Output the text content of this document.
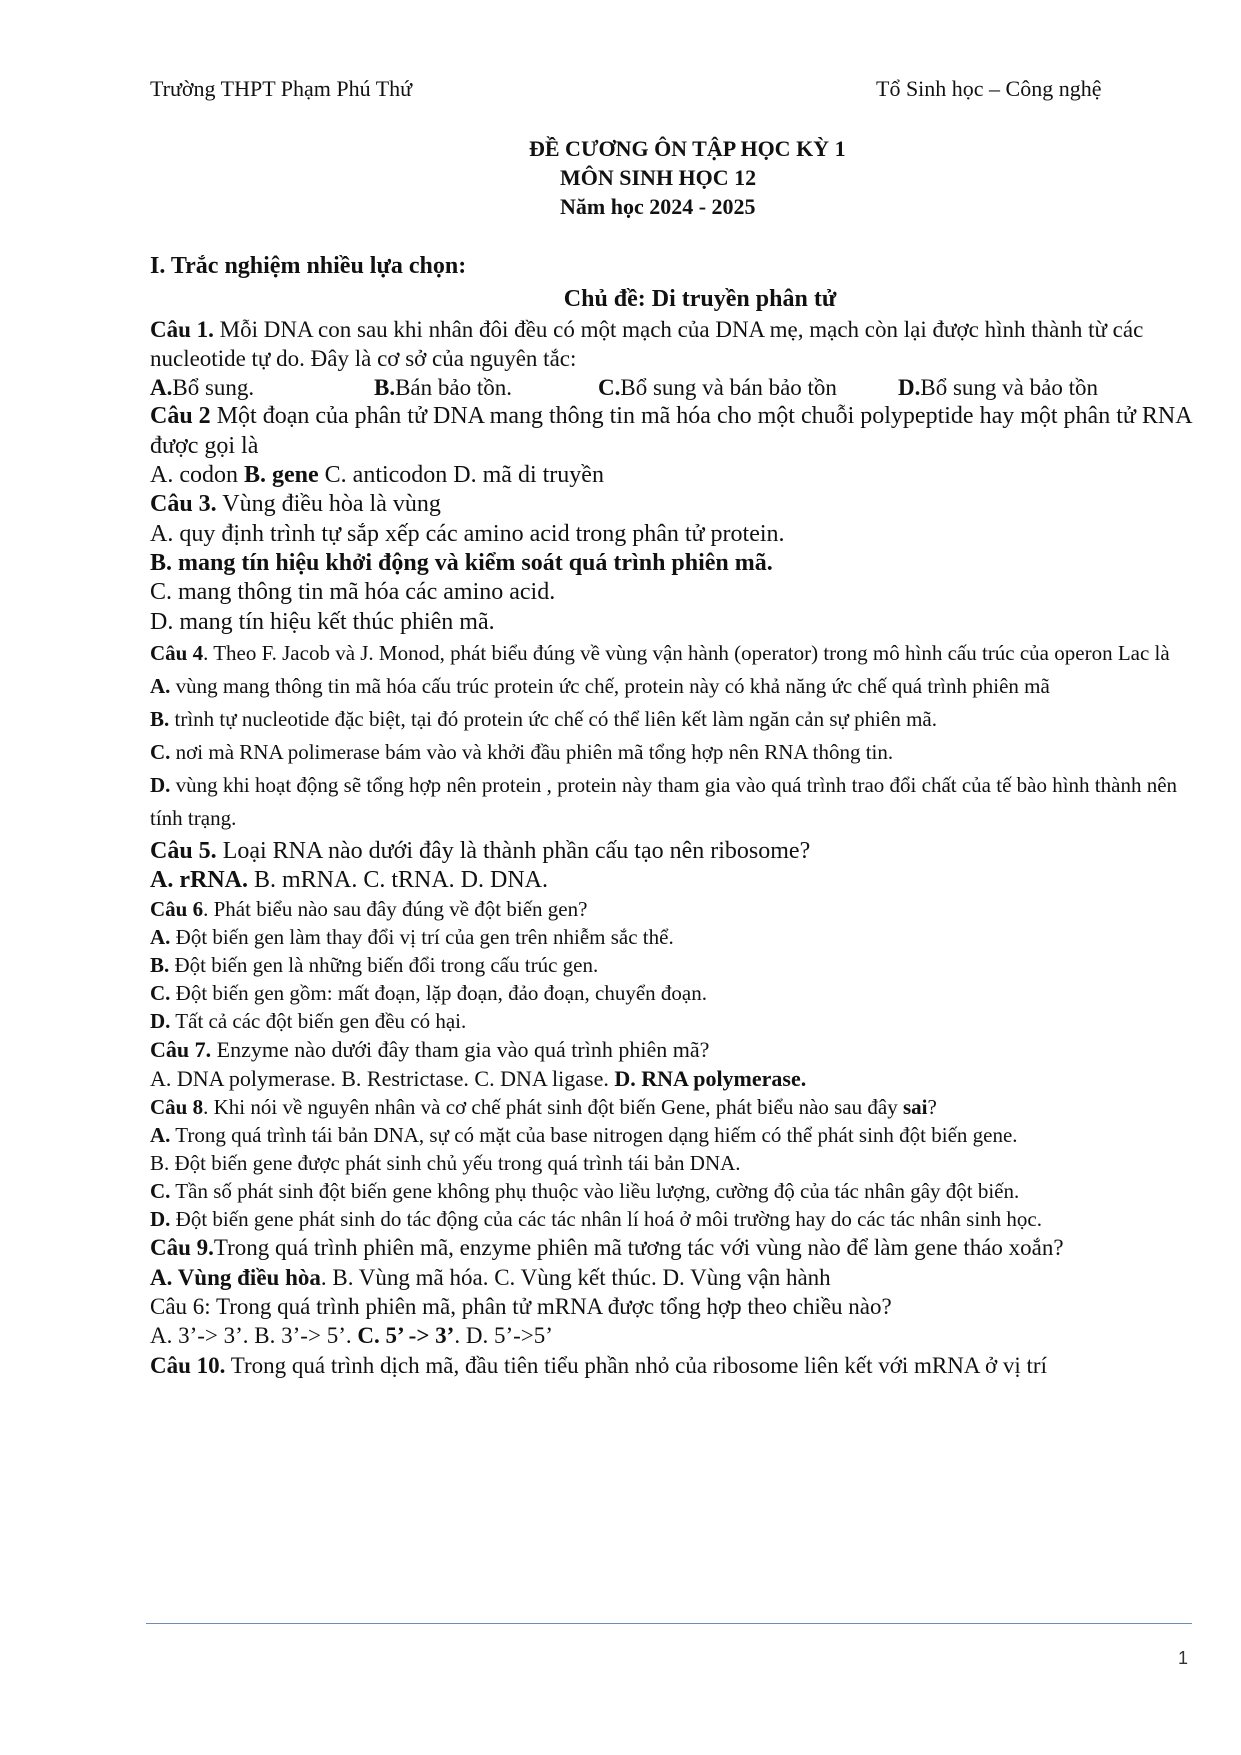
Trường THPT Phạm Phú Thứ	Tổ Sinh học – Công nghệ
ĐỀ CƯƠNG ÔN TẬP HỌC KỲ 1
MÔN SINH HỌC 12
Năm học 2024 - 2025
I. Trắc nghiệm nhiều lựa chọn:
Chủ đề: Di truyền phân tử
Câu 1. Mỗi DNA con sau khi nhân đôi đều có một mạch của DNA mẹ, mạch còn lại được hình thành từ các nucleotide tự do. Đây là cơ sở của nguyên tắc:
A.Bổ sung.	B.Bán bảo tồn.	C.Bổ sung và bán bảo tồn	D.Bổ sung và bảo tồn
Câu 2 Một đoạn của phân tử DNA mang thông tin mã hóa cho một chuỗi polypeptide hay một phân tử RNA được gọi là
A. codon B. gene C. anticodon D. mã di truyền
Câu 3. Vùng điều hòa là vùng
A. quy định trình tự sắp xếp các amino acid trong phân tử protein.
B. mang tín hiệu khởi động và kiểm soát quá trình phiên mã.
C. mang thông tin mã hóa các amino acid.
D. mang tín hiệu kết thúc phiên mã.
Câu 4. Theo F. Jacob và J. Monod, phát biểu đúng về vùng vận hành (operator) trong mô hình cấu trúc của operon Lac là
A. vùng mang thông tin mã hóa cấu trúc protein ức chế, protein này có khả năng ức chế quá trình phiên mã
B. trình tự nucleotide đặc biệt, tại đó protein ức chế có thể liên kết làm ngăn cản sự phiên mã.
C. nơi mà RNA polimerase bám vào và khởi đầu phiên mã tổng hợp nên RNA thông tin.
D. vùng khi hoạt động sẽ tổng hợp nên protein , protein này tham gia vào quá trình trao đổi chất của tế bào hình thành nên tính trạng.
Câu 5. Loại RNA nào dưới đây là thành phần cấu tạo nên ribosome?
A. rRNA. B. mRNA. C. tRNA. D. DNA.
Câu 6. Phát biểu nào sau đây đúng về đột biến gen?
A. Đột biến gen làm thay đổi vị trí của gen trên nhiễm sắc thể.
B. Đột biến gen là những biến đổi trong cấu trúc gen.
C. Đột biến gen gồm: mất đoạn, lặp đoạn, đảo đoạn, chuyển đoạn.
D. Tất cả các đột biến gen đều có hại.
Câu 7. Enzyme nào dưới đây tham gia vào quá trình phiên mã?
A. DNA polymerase. B. Restrictase. C. DNA ligase. D. RNA polymerase.
Câu 8. Khi nói về nguyên nhân và cơ chế phát sinh đột biến Gene, phát biểu nào sau đây sai?
A. Trong quá trình tái bản DNA, sự có mặt của base nitrogen dạng hiếm có thể phát sinh đột biến gene.
B. Đột biến gene được phát sinh chủ yếu trong quá trình tái bản DNA.
C. Tần số phát sinh đột biến gene không phụ thuộc vào liều lượng, cường độ của tác nhân gây đột biến.
D. Đột biến gene phát sinh do tác động của các tác nhân lí hoá ở môi trường hay do các tác nhân sinh học.
Câu 9.Trong quá trình phiên mã, enzyme phiên mã tương tác với vùng nào để làm gene tháo xoắn?
A. Vùng điều hòa. B. Vùng mã hóa. C. Vùng kết thúc. D. Vùng vận hành
Câu 6: Trong quá trình phiên mã, phân tử mRNA được tổng hợp theo chiều nào?
A. 3’-> 3’. B. 3’-> 5’. C. 5’ -> 3’. D. 5’->5’
Câu 10. Trong quá trình dịch mã, đầu tiên tiểu phần nhỏ của ribosome liên kết với mRNA ở vị trí
1
